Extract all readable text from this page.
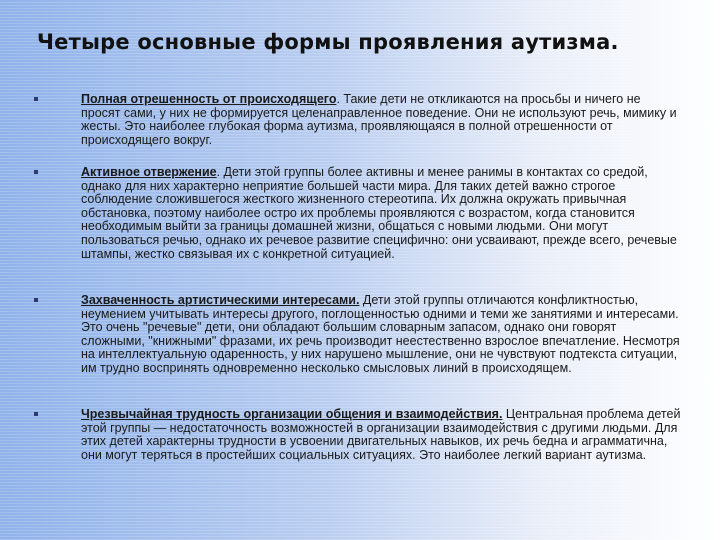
Четыре основные формы проявления аутизма.

Полная отрешенность от происходящего. Такие дети не откликаются на просьбы и ничего не просят сами, у них не формируется целенаправленное поведение. Они не используют речь, мимику и жесты. Это наиболее глубокая форма аутизма, проявляющаяся в полной отрешенности от происходящего вокруг.

Активное отвержение. Дети этой группы более активны и менее ранимы в контактах со средой, однако для них характерно неприятие большей части мира. Для таких детей важно строгое соблюдение сложившегося жесткого жизненного стереотипа. Их должна окружать привычная обстановка, поэтому наиболее остро их проблемы проявляются с возрастом, когда становится необходимым выйти за границы домашней жизни, общаться с новыми людьми. Они могут пользоваться речью, однако их речевое развитие специфично: они усваивают, прежде всего, речевые штампы, жестко связывая их с конкретной ситуацией.

Захваченность артистическими интересами. Дети этой группы отличаются конфликтностью, неумением учитывать интересы другого, поглощенностью одними и теми же занятиями и интересами. Это очень "речевые" дети, они обладают большим словарным запасом, однако они говорят сложными, "книжными" фразами, их речь производит неестественно взрослое впечатление. Несмотря на интеллектуальную одаренность, у них нарушено мышление, они не чувствуют подтекста ситуации, им трудно воспринять одновременно несколько смысловых линий в происходящем.

Чрезвычайная трудность организации общения и взаимодействия. Центральная проблема детей этой группы — недостаточность возможностей в организации взаимодействия с другими людьми. Для этих детей характерны трудности в усвоении двигательных навыков, их речь бедна и аграмматична, они могут теряться в простейших социальных ситуациях. Это наиболее легкий вариант аутизма.
